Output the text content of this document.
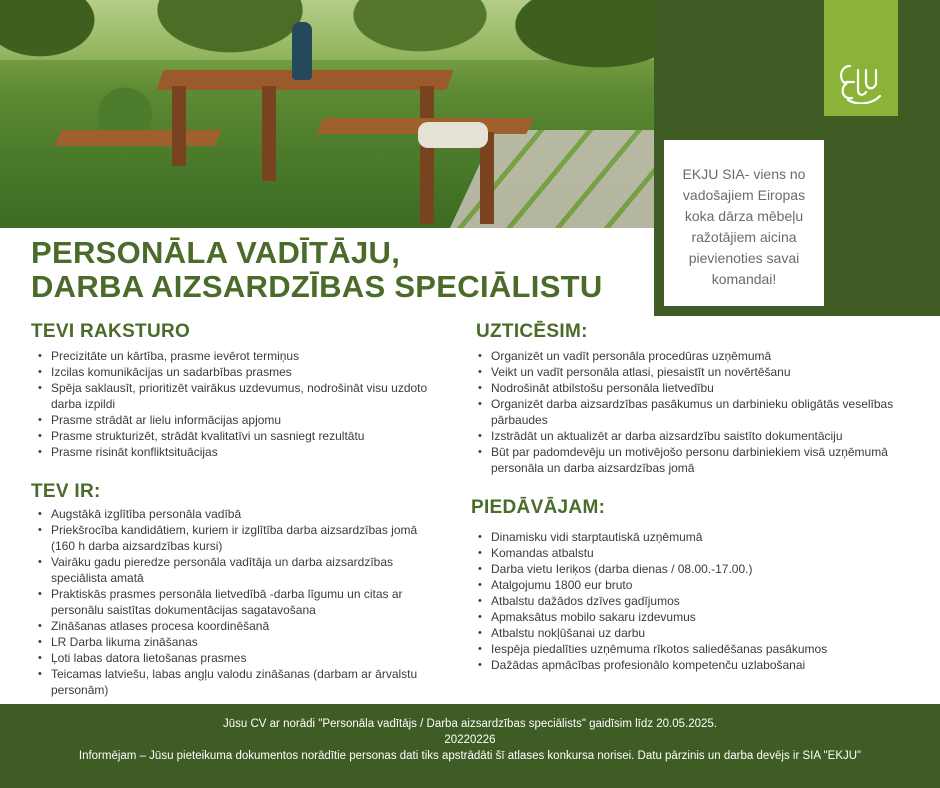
EKJU SIA- viens no vadošajiem Eiropas koka dārza mēbeļu ražotājiem aicina pievienoties savai komandai!

PERSONĀLA VADĪTĀJU,
DARBA AIZSARDZĪBAS SPECIĀLISTU
TEVI RAKSTURO
• Precizitāte un kārtība, prasme ievērot termiņus
• Izcilas komunikācijas un sadarbības prasmes
• Spēja saklausīt, prioritizēt vairākus uzdevumus, nodrošināt visu uzdoto darba izpildi
• Prasme strādāt ar lielu informācijas apjomu
• Prasme strukturizēt, strādāt kvalitatīvi un sasniegt rezultātu
• Prasme risināt konfliktsituācijas
TEV IR:
• Augstākā izglītība personāla vadībā
• Priekšrocība kandidātiem, kuriem ir izglītība darba aizsardzības jomā (160 h darba aizsardzības kursi)
• Vairāku gadu pieredze personāla vadītāja un darba aizsardzības speciālista amatā
• Praktiskās prasmes personāla lietvedībā -darba līgumu un citas ar personālu saistītas dokumentācijas sagatavošana
• Zināšanas atlases procesa koordinēšanā
• LR Darba likuma zināšanas
• Ļoti labas datora lietošanas prasmes
• Teicamas latviešu, labas angļu valodu zināšanas (darbam ar ārvalstu personām)
UZTICĒSIM:
• Organizēt un vadīt personāla procedūras uzņēmumā
• Veikt un vadīt personāla atlasi, piesaistīt un novērtēšanu
• Nodrošināt atbilstošu personāla lietvedību
• Organizēt darba aizsardzības pasākumus un darbinieku obligātās veselības pārbaudes
• Izstrādāt un aktualizēt ar darba aizsardzību saistīto dokumentāciju
• Būt par padomdevēju un motivējošo personu darbiniekiem visā uzņēmumā personāla un darba aizsardzības jomā
PIEDĀVĀJAM:
• Dinamisku vidi starptautiskā uzņēmumā
• Komandas atbalstu
• Darba vietu Ieriķos (darba dienas / 08.00.-17.00.)
• Atalgojumu 1800 eur bruto
• Atbalstu dažādos dzīves gadījumos
• Apmaksātus mobilo sakaru izdevumus
• Atbalstu nokļūšanai uz darbu
• Iespēja piedalīties uzņēmuma rīkotos saliedēšanas pasākumos
• Dažādas apmācības profesionālo kompetenču uzlabošanai
Jūsu CV ar norādi "Personāla vadītājs / Darba aizsardzības speciālists" gaidīsim līdz 20.05.2025.
20220226
Informējam – Jūsu pieteikuma dokumentos norādītie personas dati tiks apstrādāti šī atlases konkursa norisei. Datu pārzinis un darba devējs ir SIA "EKJU"
